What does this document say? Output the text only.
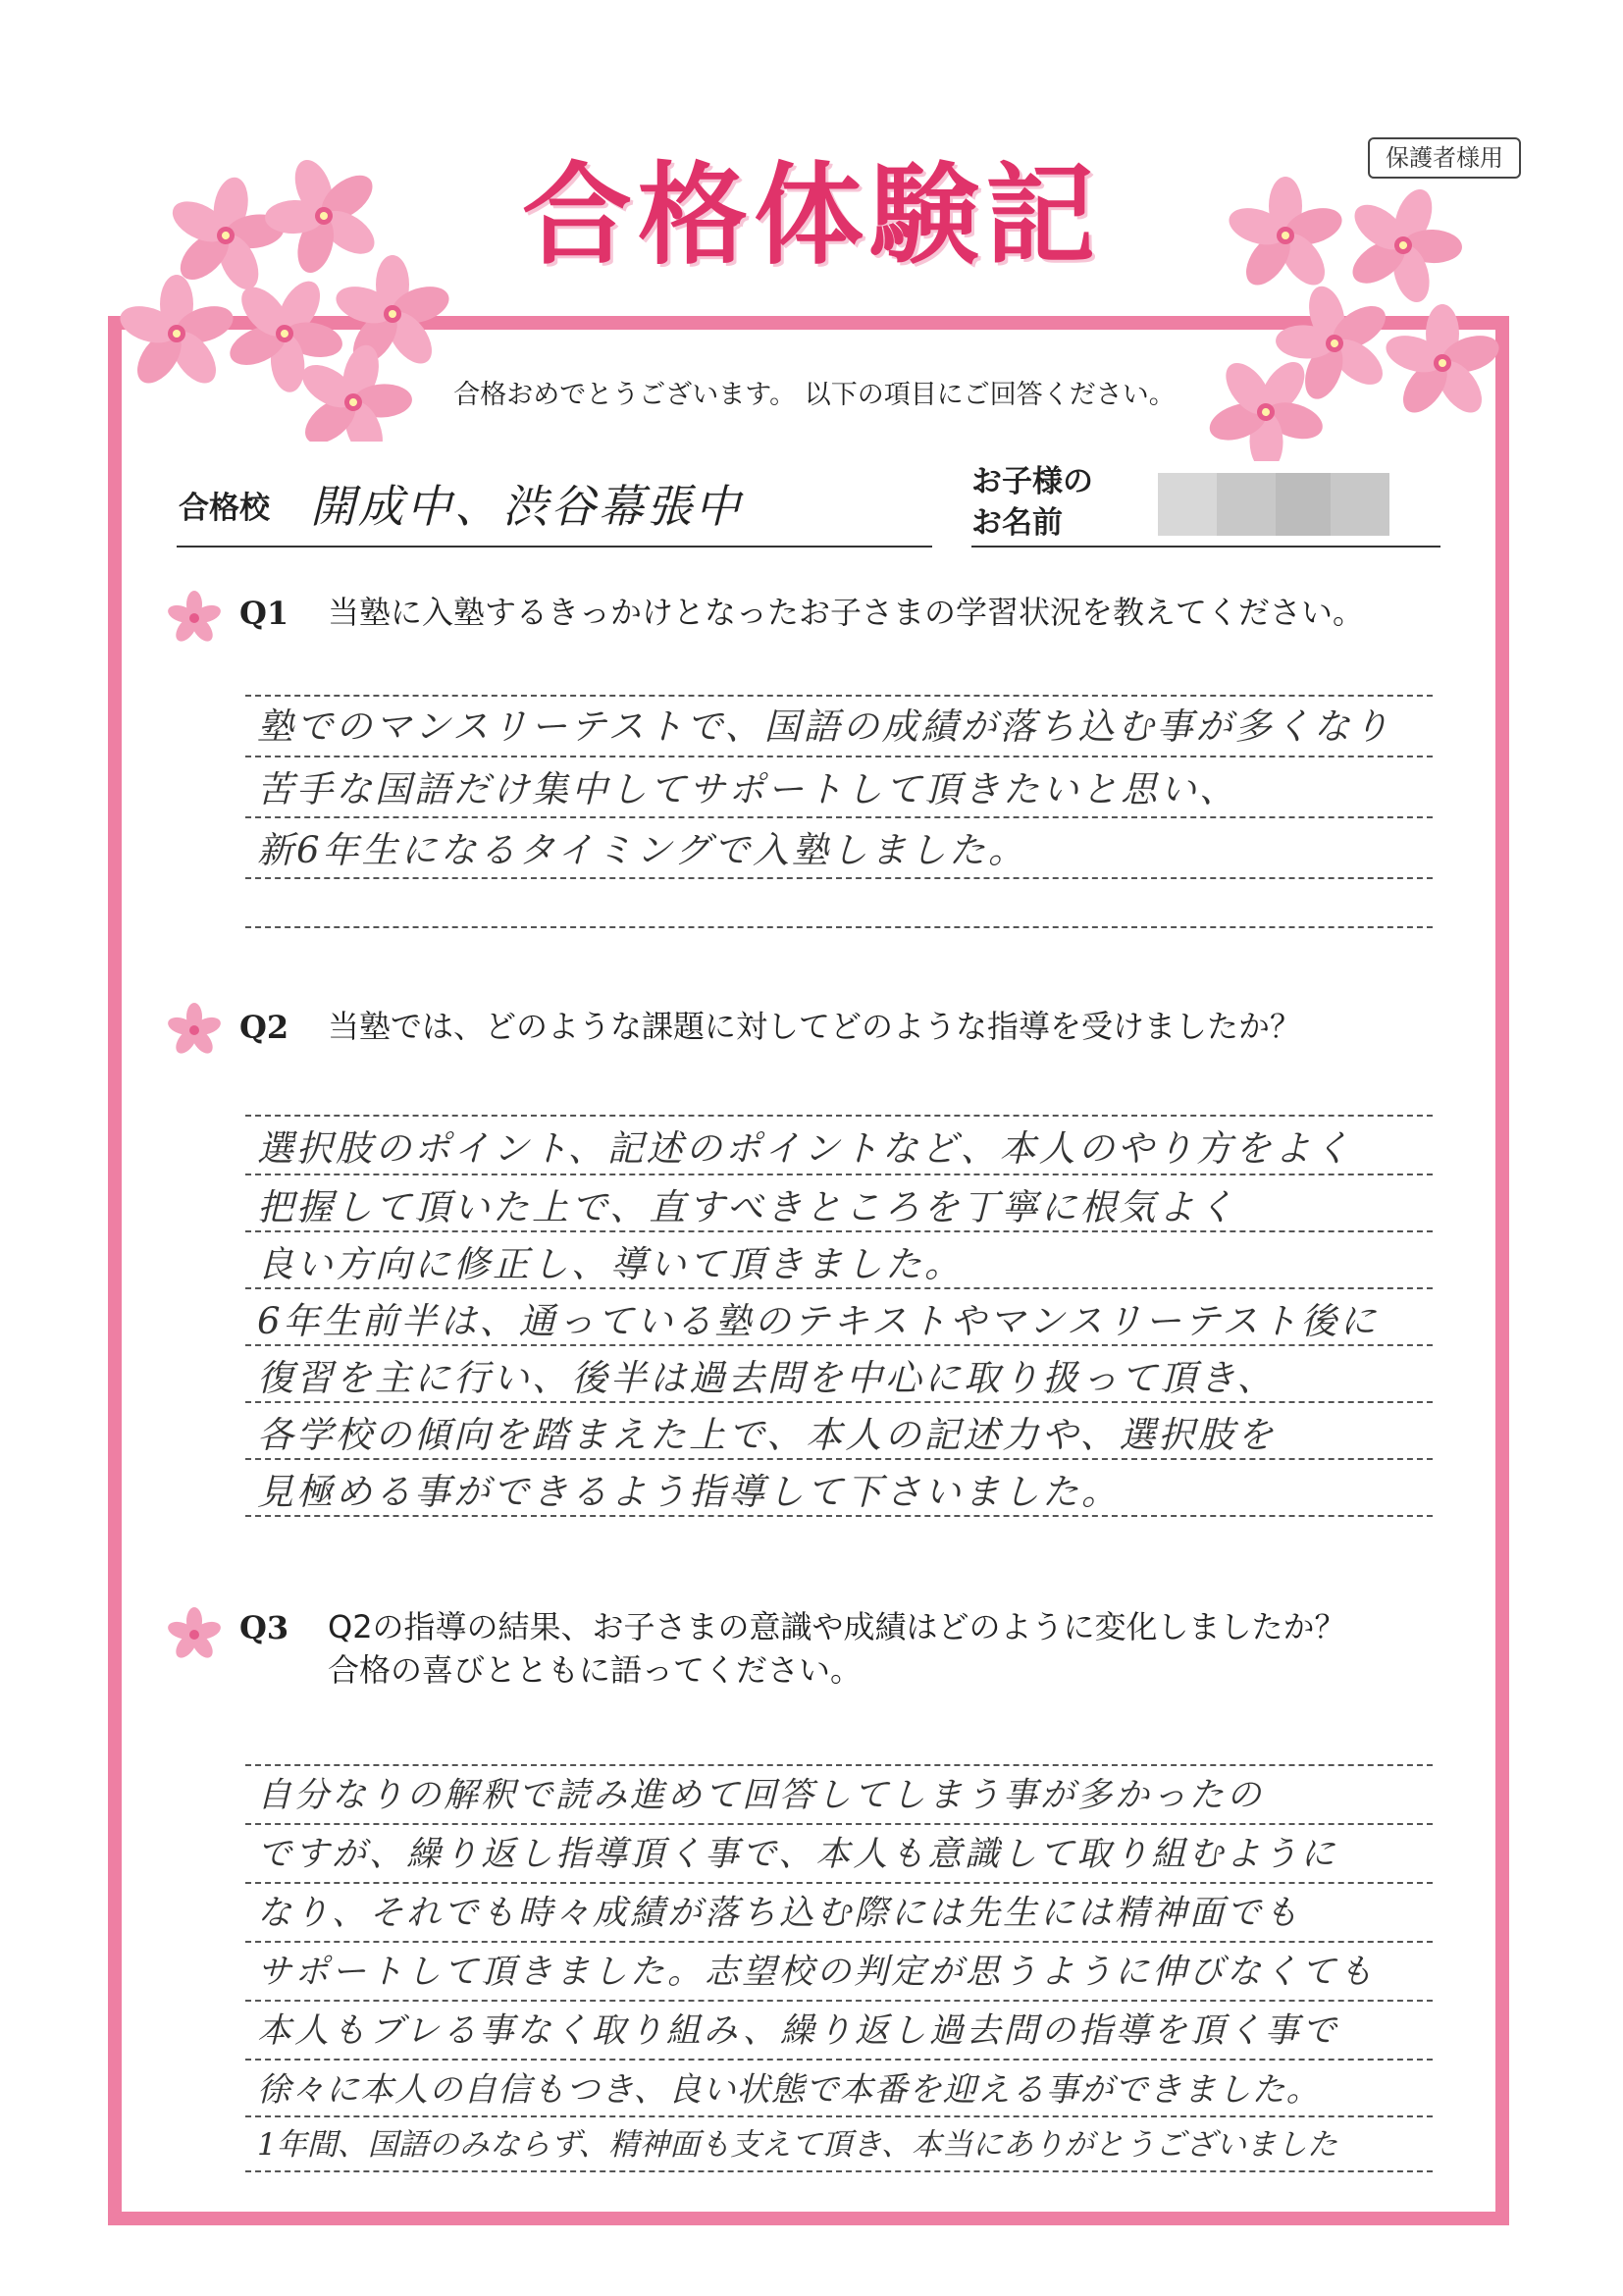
保護者様用
合格体験記
合格おめでとうございます。 以下の項目にご回答ください。
合格校 開成中、渋谷幕張中	お子様の
お名前
Q1 当塾に入塾するきっかけとなったお子さまの学習状況を教えてください。
塾でのマンスリーテストで、国語の成績が落ち込む事が多くなり
苦手な国語だけ集中してサポートして頂きたいと思い、
新6年生になるタイミングで入塾しました。
Q2 当塾では、どのような課題に対してどのような指導を受けましたか？
選択肢のポイント、記述のポイントなど、本人のやり方をよく
把握して頂いた上で、直すべきところを丁寧に根気よく
良い方向に修正し、導いて頂きました。
6年生前半は、通っている塾のテキストやマンスリーテスト後に
復習を主に行い、後半は過去問を中心に取り扱って頂き、
各学校の傾向を踏まえた上で、本人の記述力や、選択肢を
見極める事ができるよう指導して下さいました。
Q3 Q2の指導の結果、お子さまの意識や成績はどのように変化しましたか？
合格の喜びとともに語ってください。
自分なりの解釈で読み進めて回答してしまう事が多かったの
ですが、繰り返し指導頂く事で、本人も意識して取り組むように
なり、それでも時々成績が落ち込む際には先生には精神面でも
サポートして頂きました。志望校の判定が思うように伸びなくても
本人もブレる事なく取り組み、繰り返し過去問の指導を頂く事で
徐々に本人の自信もつき、良い状態で本番を迎える事ができました。
1年間、国語のみならず、精神面も支えて頂き、本当にありがとうございました
